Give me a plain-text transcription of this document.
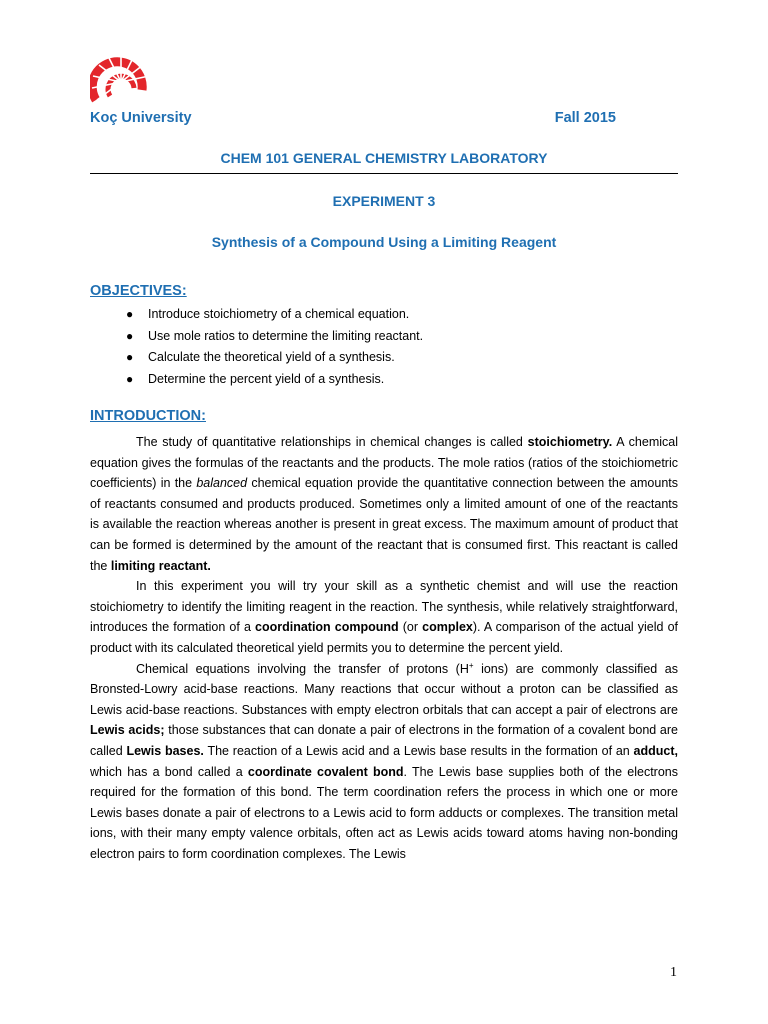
Koç University	Fall 2015
CHEM 101 GENERAL CHEMISTRY LABORATORY
EXPERIMENT 3
Synthesis of a Compound Using a Limiting Reagent
OBJECTIVES:
● Introduce stoichiometry of a chemical equation.
● Use mole ratios to determine the limiting reactant.
● Calculate the theoretical yield of a synthesis.
● Determine the percent yield of a synthesis.
INTRODUCTION:

The study of quantitative relationships in chemical changes is called stoichiometry. A chemical equation gives the formulas of the reactants and the products. The mole ratios (ratios of the stoichiometric coefficients) in the balanced chemical equation provide the quantitative connection between the amounts of reactants consumed and products produced. Sometimes only a limited amount of one of the reactants is available the reaction whereas another is present in great excess. The maximum amount of product that can be formed is determined by the amount of the reactant that is consumed first. This reactant is called the limiting reactant.

In this experiment you will try your skill as a synthetic chemist and will use the reaction stoichiometry to identify the limiting reagent in the reaction. The synthesis, while relatively straightforward, introduces the formation of a coordination compound (or complex). A comparison of the actual yield of product with its calculated theoretical yield permits you to determine the percent yield.

Chemical equations involving the transfer of protons (H+ ions) are commonly classified as Bronsted-Lowry acid-base reactions. Many reactions that occur without a proton can be classified as Lewis acid-base reactions. Substances with empty electron orbitals that can accept a pair of electrons are Lewis acids; those substances that can donate a pair of electrons in the formation of a covalent bond are called Lewis bases. The reaction of a Lewis acid and a Lewis base results in the formation of an adduct, which has a bond called a coordinate covalent bond. The Lewis base supplies both of the electrons required for the formation of this bond. The term coordination refers the process in which one or more Lewis bases donate a pair of electrons to a Lewis acid to form adducts or complexes. The transition metal ions, with their many empty valence orbitals, often act as Lewis acids toward atoms having non-bonding electron pairs to form coordination complexes. The Lewis

1
